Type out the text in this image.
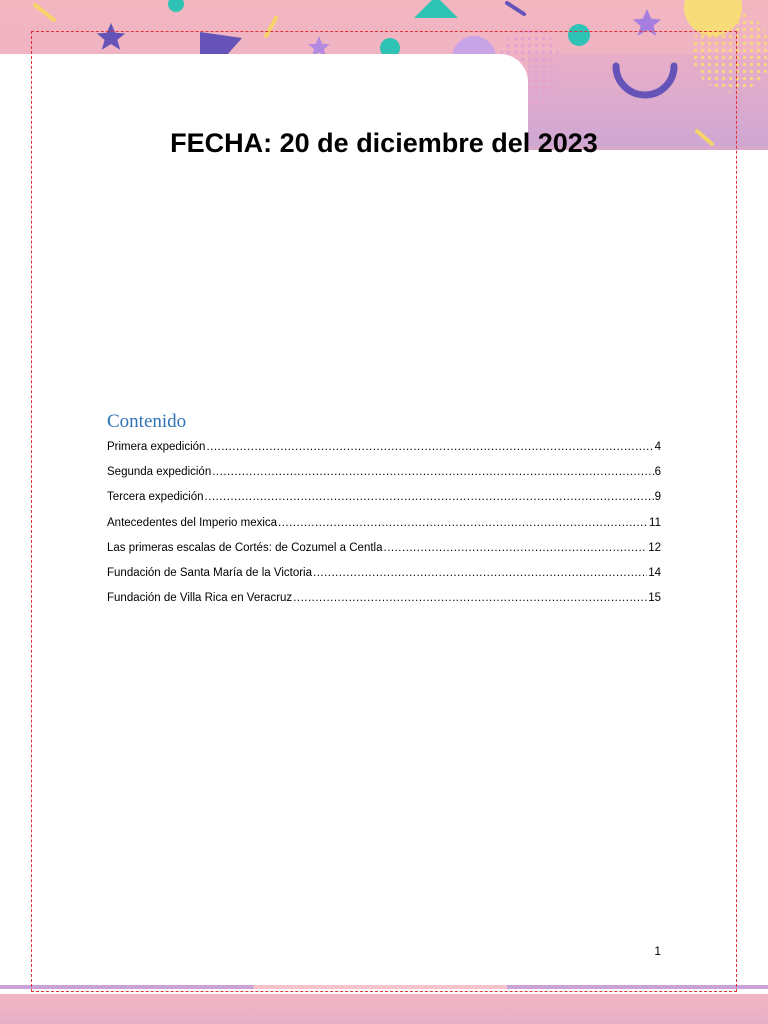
FECHA: 20 de diciembre del 2023
Contenido
Primera expedición .....	4
Segunda expedición .....	6
Tercera expedición .....	9
Antecedentes del Imperio mexica .....	11
Las primeras escalas de Cortés: de Cozumel a Centla .....	12
Fundación de Santa María de la Victoria .....	14
Fundación de Villa Rica en Veracruz .....	15
1
